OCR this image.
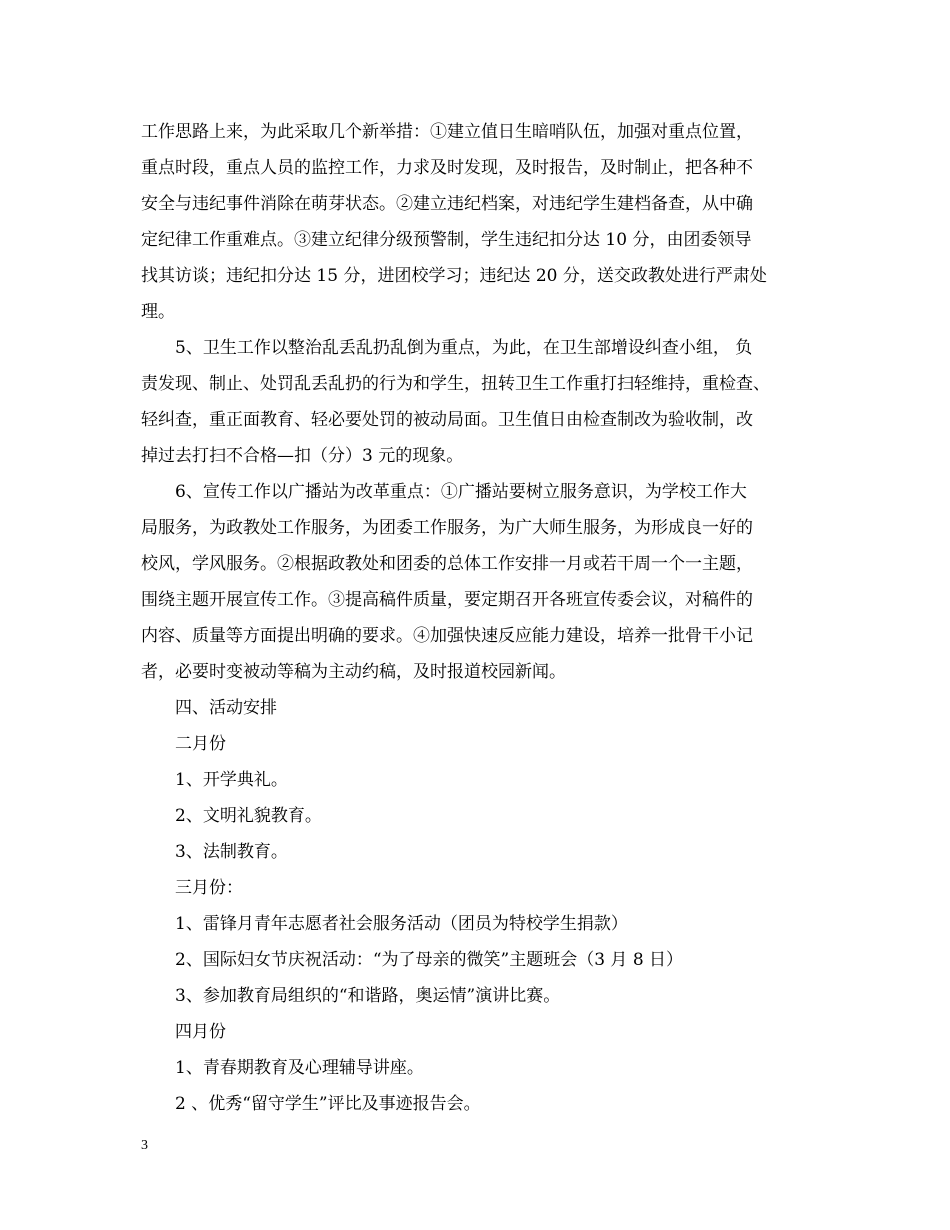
工作思路上来，为此采取几个新举措：①建立值日生暗哨队伍，加强对重点位置，
重点时段，重点人员的监控工作，力求及时发现，及时报告，及时制止，把各种不
安全与违纪事件消除在萌芽状态。②建立违纪档案，对违纪学生建档备查，从中确
定纪律工作重难点。③建立纪律分级预警制，学生违纪扣分达 10 分，由团委领导
找其访谈；违纪扣分达 15 分，进团校学习；违纪达 20 分，送交政教处进行严肃处
理。
5、卫生工作以整治乱丢乱扔乱倒为重点，为此，在卫生部增设纠查小组， 负
责发现、制止、处罚乱丢乱扔的行为和学生，扭转卫生工作重打扫轻维持，重检查、
轻纠查，重正面教育、轻必要处罚的被动局面。卫生值日由检查制改为验收制，改
掉过去打扫不合格—扣（分）3 元的现象。
6、宣传工作以广播站为改革重点：①广播站要树立服务意识，为学校工作大
局服务，为政教处工作服务，为团委工作服务，为广大师生服务，为形成良一好的
校风，学风服务。②根据政教处和团委的总体工作安排一月或若干周一个一主题，
围绕主题开展宣传工作。③提高稿件质量，要定期召开各班宣传委会议，对稿件的
内容、质量等方面提出明确的要求。④加强快速反应能力建设，培养一批骨干小记
者，必要时变被动等稿为主动约稿，及时报道校园新闻。
四、活动安排
二月份
1、开学典礼。
2、文明礼貌教育。
3、法制教育。
三月份：
1、雷锋月青年志愿者社会服务活动（团员为特校学生捐款）
2、国际妇女节庆祝活动：“为了母亲的微笑”主题班会（3 月 8 日）
3、参加教育局组织的“和谐路，奥运情”演讲比赛。
四月份
1、青春期教育及心理辅导讲座。
2 、优秀“留守学生”评比及事迹报告会。
3
